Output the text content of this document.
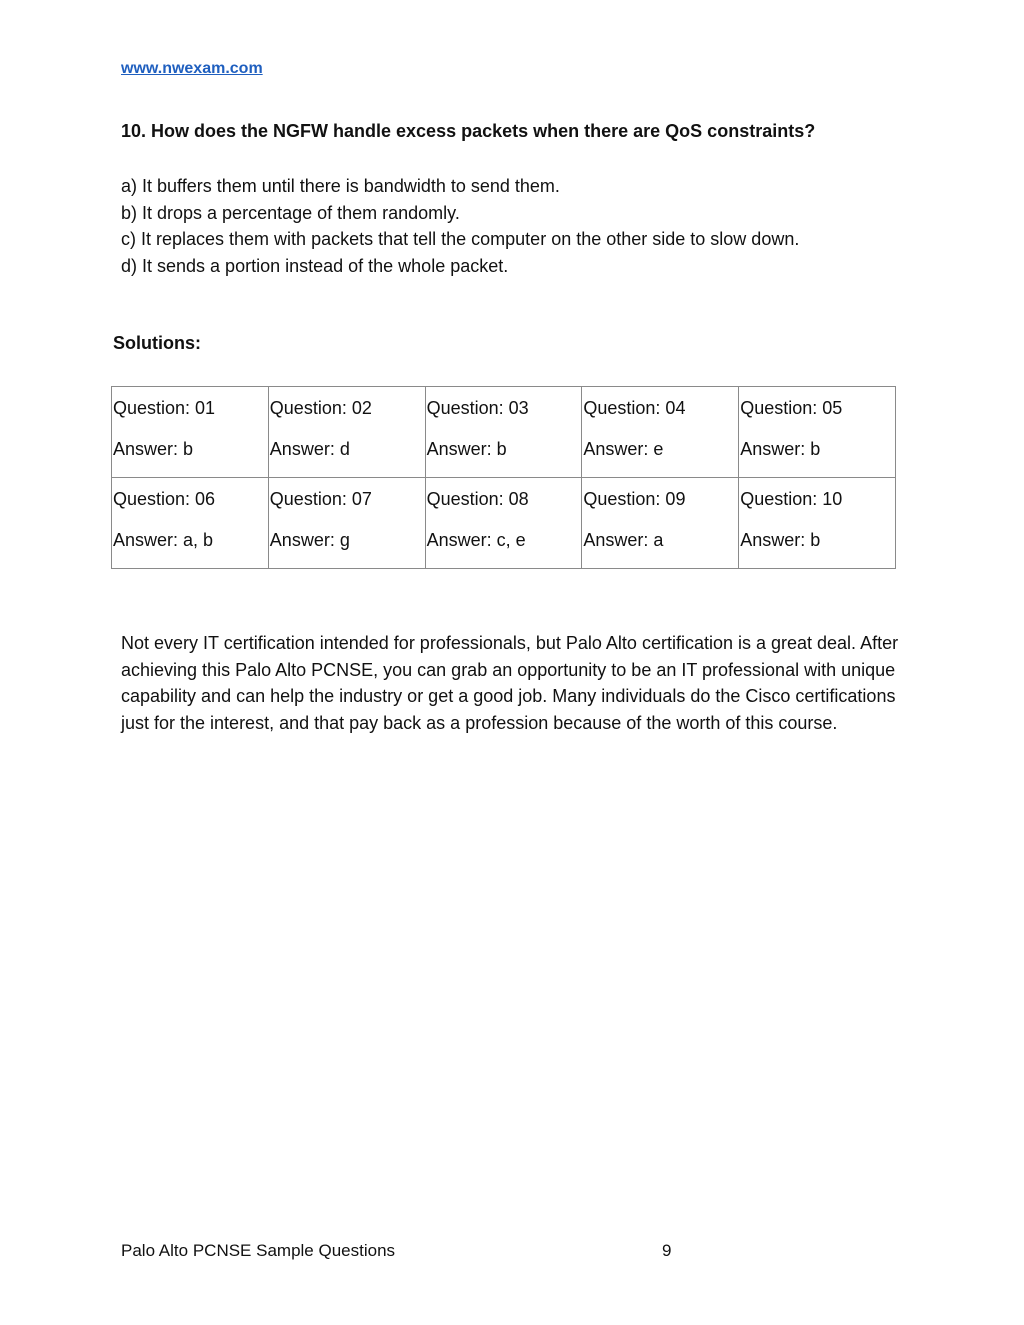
www.nwexam.com

10. How does the NGFW handle excess packets when there are QoS constraints?

a) It buffers them until there is bandwidth to send them.
b) It drops a percentage of them randomly.
c) It replaces them with packets that tell the computer on the other side to slow down.
d) It sends a portion instead of the whole packet.

Solutions:

Question: 01
Answer: b	Question: 02
Answer: d	Question: 03
Answer: b	Question: 04
Answer: e	Question: 05
Answer: b

Question: 06
Answer: a, b	Question: 07
Answer: g	Question: 08
Answer: c, e	Question: 09
Answer: a	Question: 10
Answer: b

Not every IT certification intended for professionals, but Palo Alto certification is a great deal. After achieving this Palo Alto PCNSE, you can grab an opportunity to be an IT professional with unique capability and can help the industry or get a good job. Many individuals do the Cisco certifications just for the interest, and that pay back as a profession because of the worth of this course.

Palo Alto PCNSE Sample Questions	9
